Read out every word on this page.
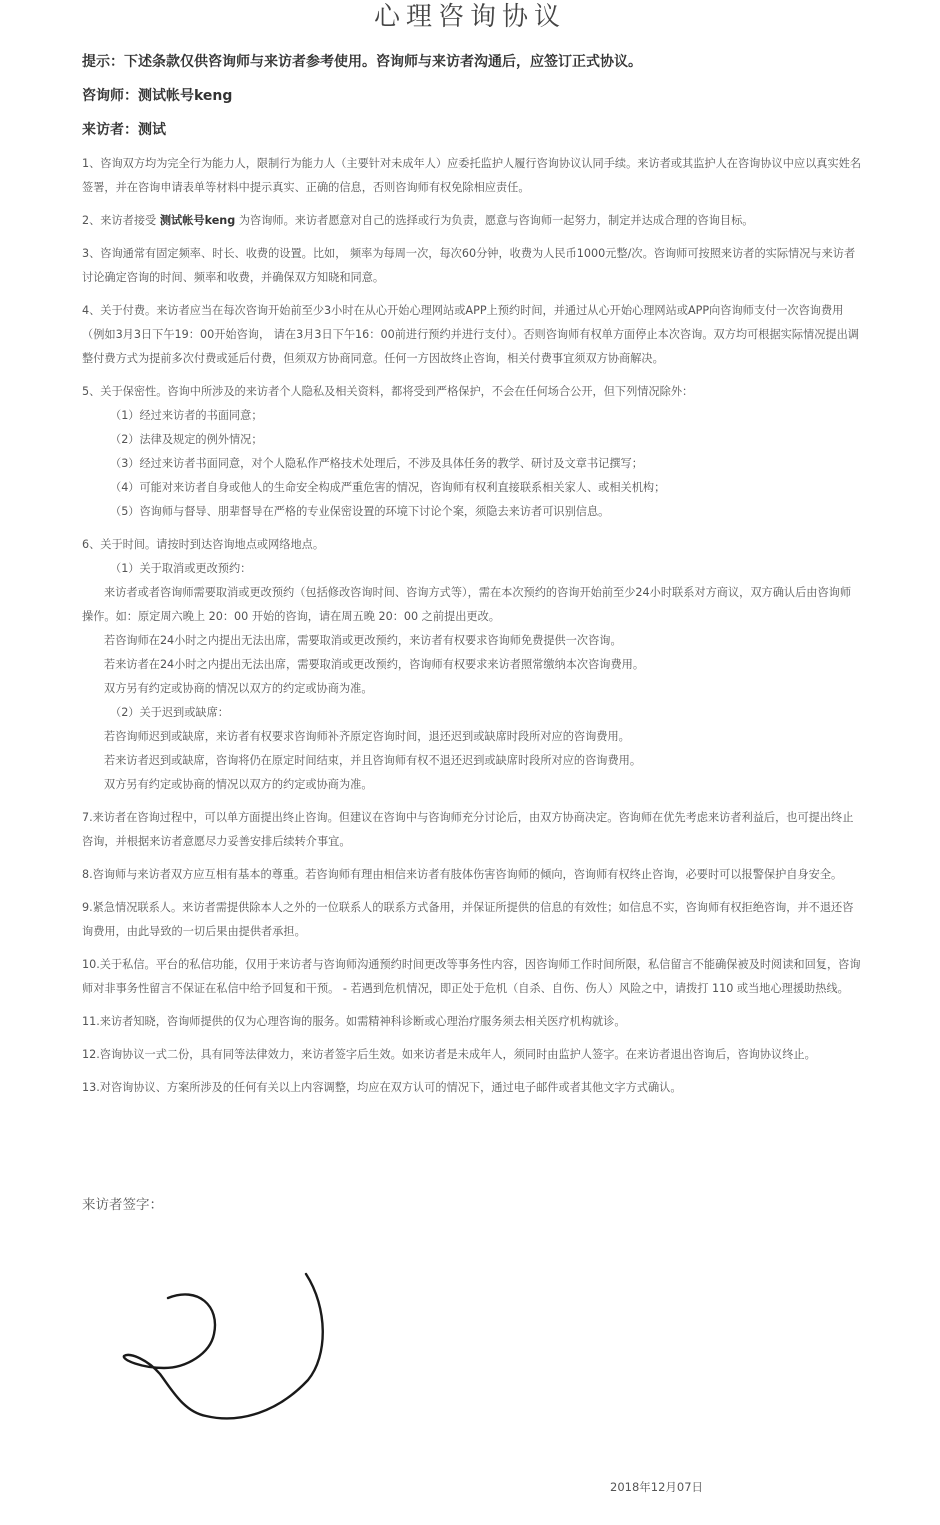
心理咨询协议
提示：下述条款仅供咨询师与来访者参考使用。咨询师与来访者沟通后，应签订正式协议。
咨询师：测试帐号keng
来访者：测试

1、咨询双方均为完全行为能力人，限制行为能力人（主要针对未成年人）应委托监护人履行咨询协议认同手续。来访者或其监护人在咨询协议中应以真实姓名签署，并在咨询申请表单等材料中提示真实、正确的信息，否则咨询师有权免除相应责任。

2、来访者接受 测试帐号keng 为咨询师。来访者愿意对自己的选择或行为负责，愿意与咨询师一起努力，制定并达成合理的咨询目标。

3、咨询通常有固定频率、时长、收费的设置。比如， 频率为每周一次，每次60分钟，收费为人民币1000元整/次。咨询师可按照来访者的实际情况与来访者讨论确定咨询的时间、频率和收费，并确保双方知晓和同意。

4、关于付费。来访者应当在每次咨询开始前至少3小时在从心开始心理网站或APP上预约时间，并通过从心开始心理网站或APP向咨询师支付一次咨询费用（例如3月3日下午19：00开始咨询， 请在3月3日下午16：00前进行预约并进行支付）。否则咨询师有权单方面停止本次咨询。双方均可根据实际情况提出调整付费方式为提前多次付费或延后付费，但须双方协商同意。任何一方因故终止咨询，相关付费事宜须双方协商解决。

5、关于保密性。咨询中所涉及的来访者个人隐私及相关资料，都将受到严格保护，不会在任何场合公开，但下列情况除外：
（1）经过来访者的书面同意；
（2）法律及规定的例外情况；
（3）经过来访者书面同意，对个人隐私作严格技术处理后，不涉及具体任务的教学、研讨及文章书记撰写；
（4）可能对来访者自身或他人的生命安全构成严重危害的情况，咨询师有权利直接联系相关家人、或相关机构；
（5）咨询师与督导、朋辈督导在严格的专业保密设置的环境下讨论个案，须隐去来访者可识别信息。
6、关于时间。请按时到达咨询地点或网络地点。
（1）关于取消或更改预约：
来访者或者咨询师需要取消或更改预约（包括修改咨询时间、咨询方式等），需在本次预约的咨询开始前至少24小时联系对方商议，双方确认后由咨询师操作。如：原定周六晚上 20：00 开始的咨询，请在周五晚 20：00 之前提出更改。
若咨询师在24小时之内提出无法出席，需要取消或更改预约，来访者有权要求咨询师免费提供一次咨询。
若来访者在24小时之内提出无法出席，需要取消或更改预约，咨询师有权要求来访者照常缴纳本次咨询费用。
双方另有约定或协商的情况以双方的约定或协商为准。
（2）关于迟到或缺席：
若咨询师迟到或缺席，来访者有权要求咨询师补齐原定咨询时间，退还迟到或缺席时段所对应的咨询费用。
若来访者迟到或缺席，咨询将仍在原定时间结束，并且咨询师有权不退还迟到或缺席时段所对应的咨询费用。
双方另有约定或协商的情况以双方的约定或协商为准。

7.来访者在咨询过程中，可以单方面提出终止咨询。但建议在咨询中与咨询师充分讨论后，由双方协商决定。咨询师在优先考虑来访者利益后，也可提出终止咨询，并根据来访者意愿尽力妥善安排后续转介事宜。

8.咨询师与来访者双方应互相有基本的尊重。若咨询师有理由相信来访者有肢体伤害咨询师的倾向，咨询师有权终止咨询，必要时可以报警保护自身安全。

9.紧急情况联系人。来访者需提供除本人之外的一位联系人的联系方式备用，并保证所提供的信息的有效性；如信息不实，咨询师有权拒绝咨询，并不退还咨询费用，由此导致的一切后果由提供者承担。

10.关于私信。平台的私信功能，仅用于来访者与咨询师沟通预约时间更改等事务性内容，因咨询师工作时间所限，私信留言不能确保被及时阅读和回复，咨询师对非事务性留言不保证在私信中给予回复和干预。 - 若遇到危机情况，即正处于危机（自杀、自伤、伤人）风险之中，请拨打 110 或当地心理援助热线。

11.来访者知晓，咨询师提供的仅为心理咨询的服务。如需精神科诊断或心理治疗服务须去相关医疗机构就诊。

12.咨询协议一式二份，具有同等法律效力，来访者签字后生效。如来访者是未成年人，须同时由监护人签字。在来访者退出咨询后，咨询协议终止。

13.对咨询协议、方案所涉及的任何有关以上内容调整，均应在双方认可的情况下，通过电子邮件或者其他文字方式确认。

来访者签字：
2018年12月07日
